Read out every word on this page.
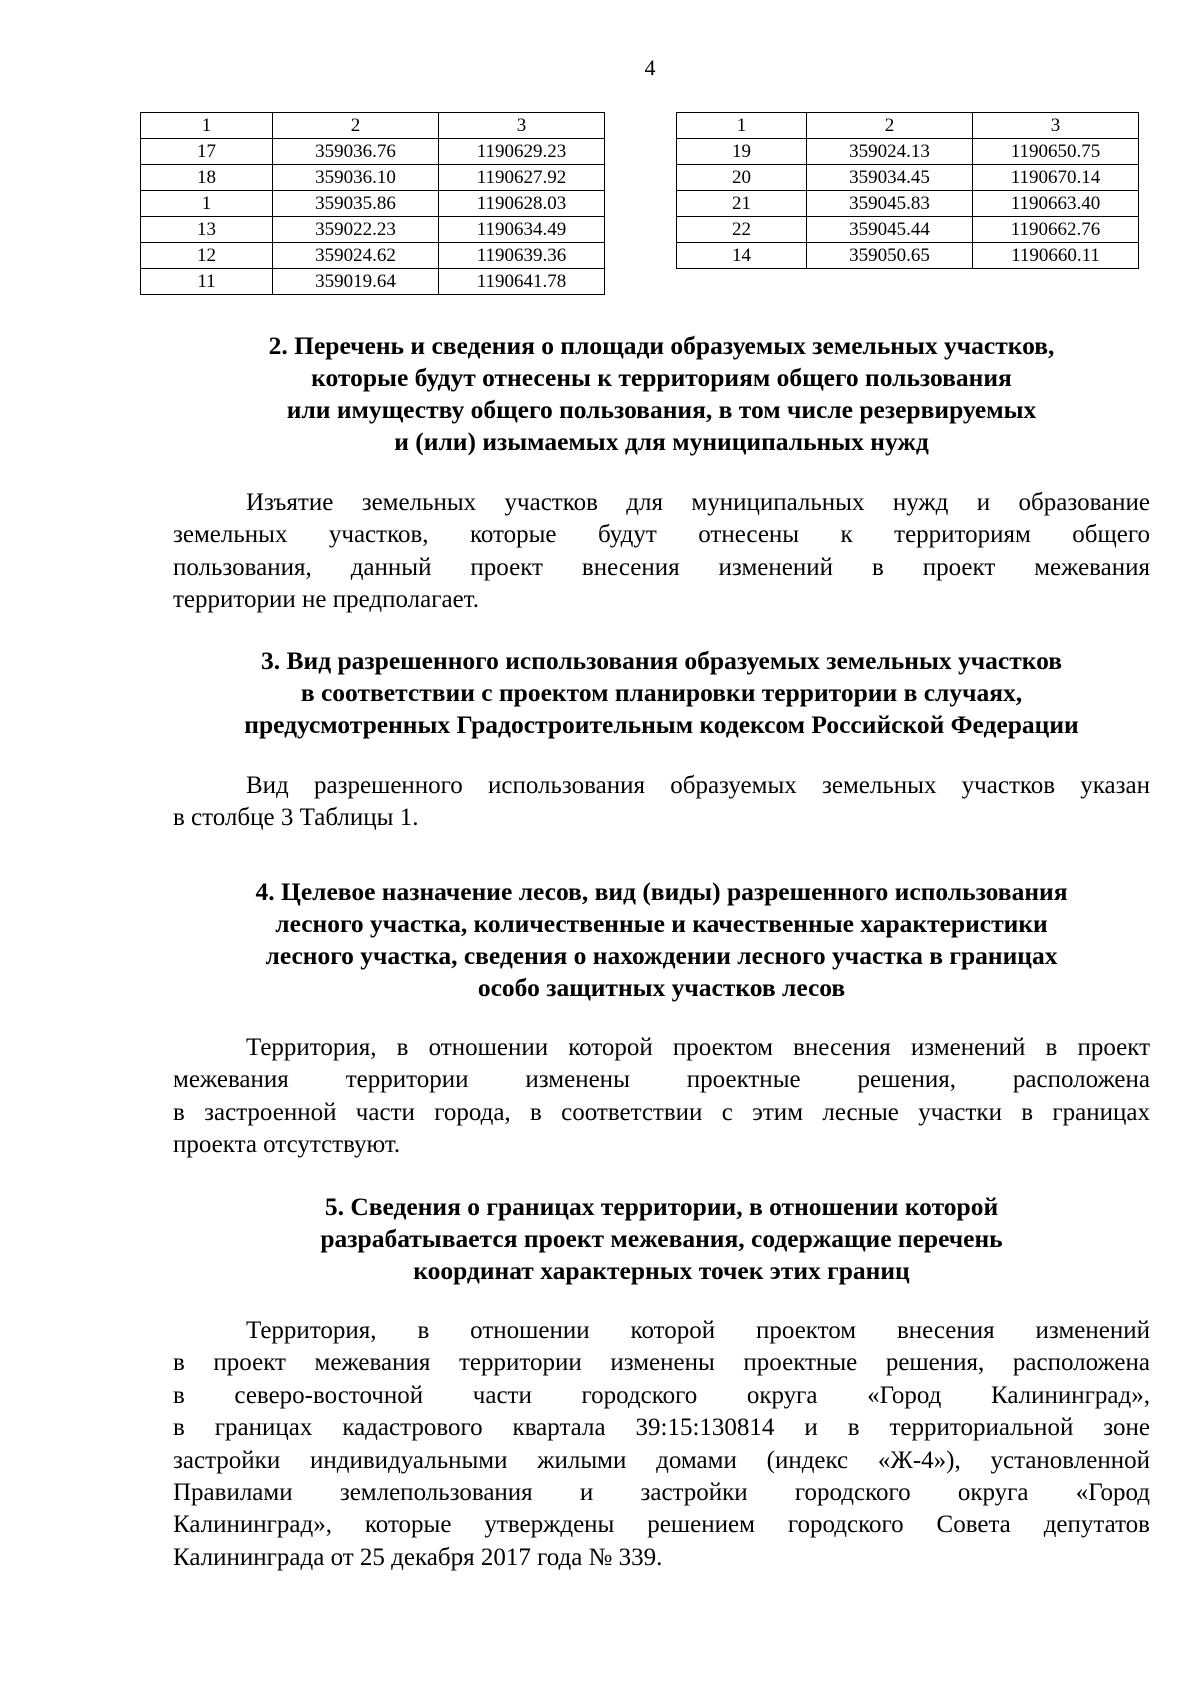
4
1	2	3
17	359036.76	1190629.23
18	359036.10	1190627.92
1	359035.86	1190628.03
13	359022.23	1190634.49
12	359024.62	1190639.36
11	359019.64	1190641.78
1	2	3
19	359024.13	1190650.75
20	359034.45	1190670.14
21	359045.83	1190663.40
22	359045.44	1190662.76
14	359050.65	1190660.11
2. Перечень и сведения о площади образуемых земельных участков,
которые будут отнесены к территориям общего пользования
или имуществу общего пользования, в том числе резервируемых
и (или) изымаемых для муниципальных нужд

Изъятие земельных участков для муниципальных нужд и образование
земельных участков, которые будут отнесены к территориям общего
пользования, данный проект внесения изменений в проект межевания
территории не предполагает.

3. Вид разрешенного использования образуемых земельных участков
в соответствии с проектом планировки территории в случаях,
предусмотренных Градостроительным кодексом Российской Федерации

Вид разрешенного использования образуемых земельных участков указан
в столбце 3 Таблицы 1.

4. Целевое назначение лесов, вид (виды) разрешенного использования
лесного участка, количественные и качественные характеристики
лесного участка, сведения о нахождении лесного участка в границах
особо защитных участков лесов

Территория, в отношении которой проектом внесения изменений в проект
межевания территории изменены проектные решения, расположена
в застроенной части города, в соответствии с этим лесные участки в границах
проекта отсутствуют.

5. Сведения о границах территории, в отношении которой
разрабатывается проект межевания, содержащие перечень
координат характерных точек этих границ

Территория, в отношении которой проектом внесения изменений
в проект межевания территории изменены проектные решения, расположена
в северо-восточной части городского округа «Город Калининград»,
в границах кадастрового квартала 39:15:130814 и в территориальной зоне
застройки индивидуальными жилыми домами (индекс «Ж-4»), установленной
Правилами землепользования и застройки городского округа «Город
Калининград», которые утверждены решением городского Совета депутатов
Калининграда от 25 декабря 2017 года № 339.
